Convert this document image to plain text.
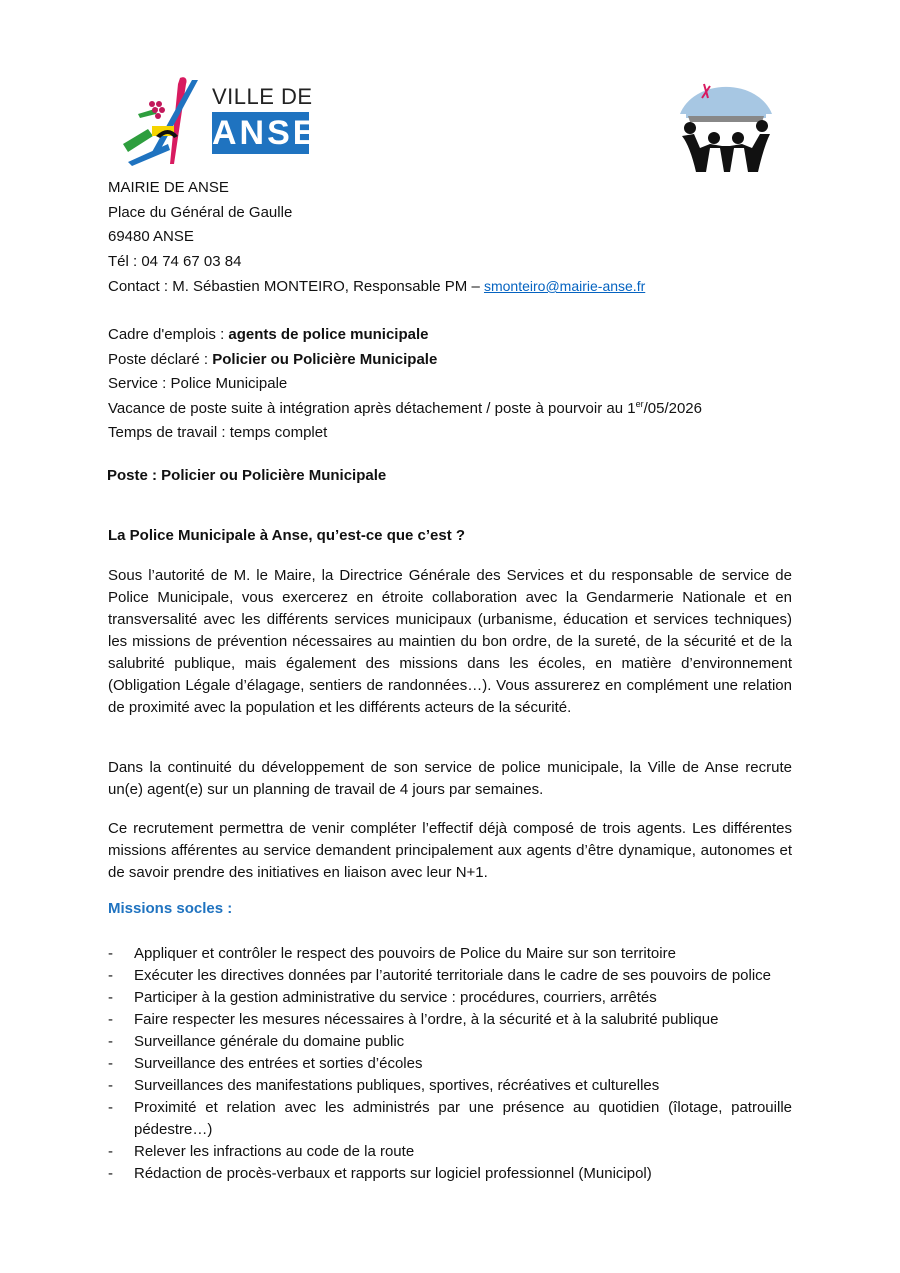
VILLE DE
ANSE
MAIRIE DE ANSE
Place du Général de Gaulle
69480 ANSE
Tél : 04 74 67 03 84
Contact : M. Sébastien MONTEIRO, Responsable PM – smonteiro@mairie-anse.fr
Cadre d'emplois : agents de police municipale
Poste déclaré : Policier ou Policière Municipale
Service : Police Municipale
Vacance de poste suite à intégration après détachement / poste à pourvoir au 1er/05/2026
Temps de travail : temps complet
Poste : Policier ou Policière Municipale
La Police Municipale à Anse, qu’est-ce que c’est ?
Sous l’autorité de M. le Maire, la Directrice Générale des Services et du responsable de service de Police Municipale, vous exercerez en étroite collaboration avec la Gendarmerie Nationale et en transversalité avec les différents services municipaux (urbanisme, éducation et services techniques) les missions de prévention nécessaires au maintien du bon ordre, de la sureté, de la sécurité et de la salubrité publique, mais également des missions dans les écoles, en matière d’environnement (Obligation Légale d’élagage, sentiers de randonnées…). Vous assurerez en complément une relation de proximité avec la population et les différents acteurs de la sécurité.
Dans la continuité du développement de son service de police municipale, la Ville de Anse recrute un(e) agent(e) sur un planning de travail de 4 jours par semaines.
Ce recrutement permettra de venir compléter l’effectif déjà composé de trois agents. Les différentes missions afférentes au service demandent principalement aux agents d’être dynamique, autonomes et de savoir prendre des initiatives en liaison avec leur N+1.
Missions socles :
- Appliquer et contrôler le respect des pouvoirs de Police du Maire sur son territoire
- Exécuter les directives données par l’autorité territoriale dans le cadre de ses pouvoirs de police
- Participer à la gestion administrative du service : procédures, courriers, arrêtés
- Faire respecter les mesures nécessaires à l’ordre, à la sécurité et à la salubrité publique
- Surveillance générale du domaine public
- Surveillance des entrées et sorties d’écoles
- Surveillances des manifestations publiques, sportives, récréatives et culturelles
- Proximité et relation avec les administrés par une présence au quotidien (îlotage, patrouille pédestre…)
- Relever les infractions au code de la route
- Rédaction de procès-verbaux et rapports sur logiciel professionnel (Municipol)
